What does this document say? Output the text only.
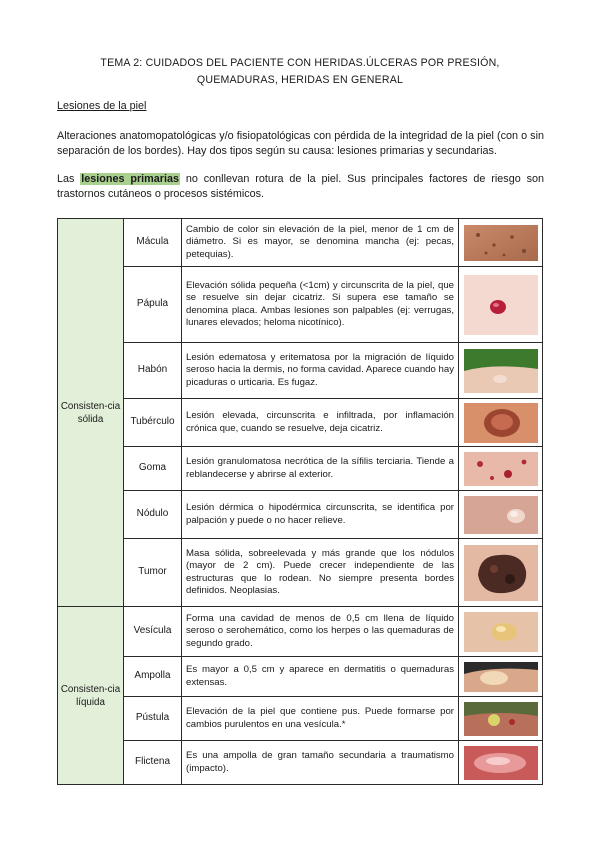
TEMA 2: CUIDADOS DEL PACIENTE CON HERIDAS.ÚLCERAS POR PRESIÓN,
QUEMADURAS, HERIDAS EN GENERAL
Lesiones de la piel
Alteraciones anatomopatológicas y/o fisiopatológicas con pérdida de la integridad de la piel (con o sin separación de los bordes). Hay dos tipos según su causa: lesiones primarias y secundarias.
Las lesiones primarias no conllevan rotura de la piel. Sus principales factores de riesgo son trastornos cutáneos o procesos sistémicos.
Consisten-cia sólida	Mácula	Cambio de color sin elevación de la piel, menor de 1 cm de diámetro. Si es mayor, se denomina mancha (ej: pecas, petequias).	

	Pápula	Elevación sólida pequeña (<1cm) y circunscrita de la piel, que se resuelve sin dejar cicatriz. Si supera ese tamaño se denomina placa. Ambas lesiones son palpables (ej: verrugas, lunares elevados; heloma nicotínico).	

	Habón	Lesión edematosa y eritematosa por la migración de líquido seroso hacia la dermis, no forma cavidad. Aparece cuando hay picaduras o urticaria. Es fugaz.	

	Tubérculo	Lesión elevada, circunscrita e infiltrada, por inflamación crónica que, cuando se resuelve, deja cicatriz.	

	Goma	Lesión granulomatosa necrótica de la sífilis terciaria. Tiende a reblandecerse y abrirse al exterior.	

	Nódulo	Lesión dérmica o hipodérmica circunscrita, se identifica por palpación y puede o no hacer relieve.	

	Tumor	Masa sólida, sobreelevada y más grande que los nódulos (mayor de 2 cm). Puede crecer independiente de las estructuras que lo rodean. No siempre presenta bordes definidos. Neoplasias.	

Consisten-cia líquida	Vesícula	Forma una cavidad de menos de 0,5 cm llena de líquido seroso o serohemático, como los herpes o las quemaduras de segundo grado.	

	Ampolla	Es mayor a 0,5 cm y aparece en dermatitis o quemaduras extensas.	

	Pústula	Elevación de la piel que contiene pus. Puede formarse por cambios purulentos en una vesícula.*	

	Flictena	Es una ampolla de gran tamaño secundaria a traumatismo (impacto).	
